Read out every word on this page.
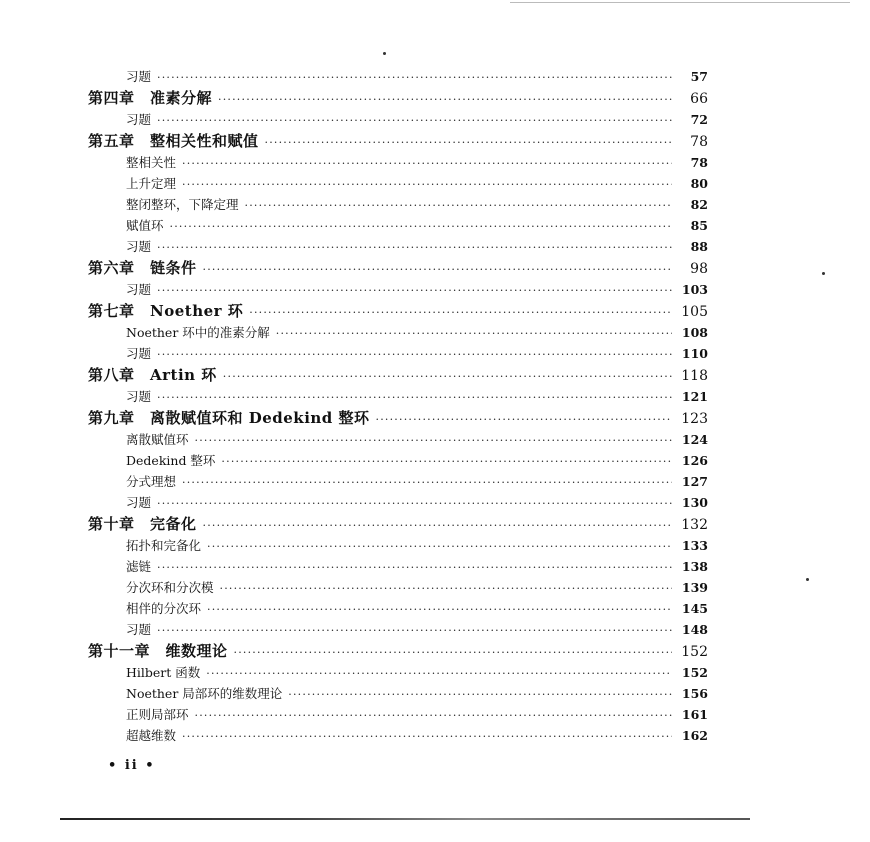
习题 ·····	57
第四章　准素分解 ·····	66
习题 ·····	72
第五章　整相关性和赋值 ·····	78
整相关性 ·····	78
上升定理 ·····	80
整闭整环，下降定理 ·····	82
赋值环 ·····	85
习题 ·····	88
第六章　链条件 ·····	98
习题 ·····	103
第七章　Noether 环 ·····	105
Noether 环中的准素分解 ·····	108
习题 ·····	110
第八章　Artin 环 ·····	118
习题 ·····	121
第九章　离散赋值环和 Dedekind 整环 ·····	123
离散赋值环 ·····	124
Dedekind 整环 ·····	126
分式理想 ·····	127
习题 ·····	130
第十章　完备化 ·····	132
拓扑和完备化 ·····	133
滤链 ·····	138
分次环和分次模 ·····	139
相伴的分次环 ·····	145
习题 ·····	148
第十一章　维数理论 ·····	152
Hilbert 函数 ·····	152
Noether 局部环的维数理论 ·····	156
正则局部环 ·····	161
超越维数 ·····	162
• ii •
